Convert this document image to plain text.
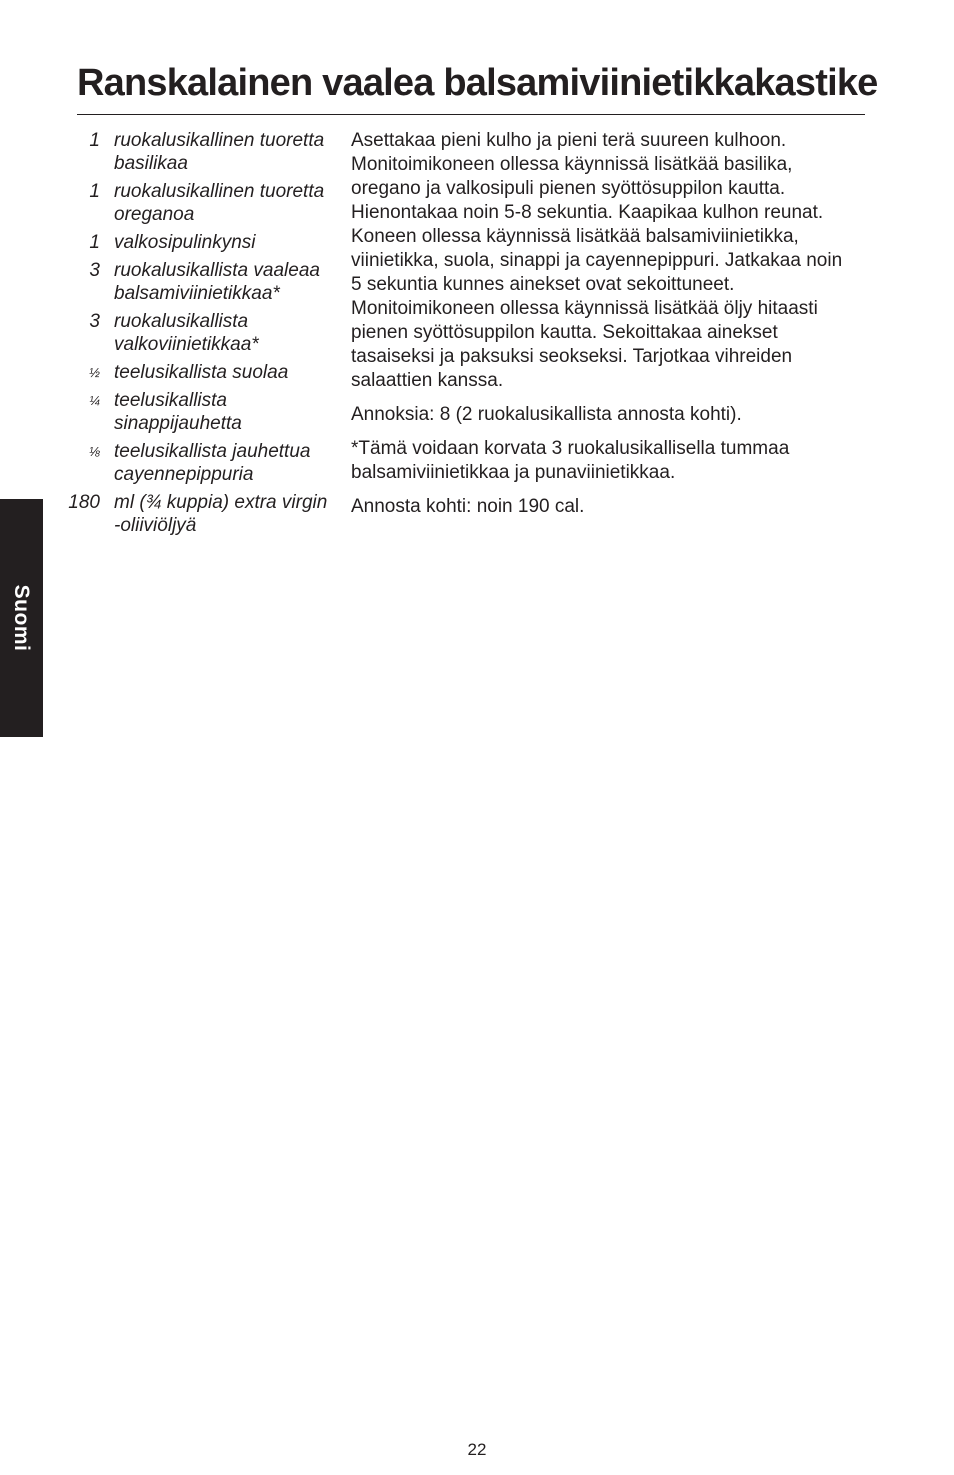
Ranskalainen vaalea balsamiviinietikkakastike
1 ruokalusikallinen tuoretta basilikaa
1 ruokalusikallinen tuoretta oreganoa
1 valkosipulinkynsi
3 ruokalusikallista vaaleaa balsamiviinietikkaa*
3 ruokalusikallista valkoviinietikkaa*
½ teelusikallista suolaa
¼ teelusikallista sinappijauhetta
⅛ teelusikallista jauhettua cayennepippuria
180 ml (¾ kuppia) extra virgin -oliiviöljyä

Asettakaa pieni kulho ja pieni terä suureen kulhoon. Monitoimikoneen ollessa käynnissä lisätkää basilika, oregano ja valkosipuli pienen syöttösuppilon kautta. Hienontakaa noin 5-8 sekuntia. Kaapikaa kulhon reunat. Koneen ollessa käynnissä lisätkää balsamiviinietikka, viinietikka, suola, sinappi ja cayennepippuri. Jatkakaa noin 5 sekuntia kunnes ainekset ovat sekoittuneet. Monitoimikoneen ollessa käynnissä lisätkää öljy hitaasti pienen syöttösuppilon kautta. Sekoittakaa ainekset tasaiseksi ja paksuksi seokseksi. Tarjotkaa vihreiden salaattien kanssa.

Annoksia: 8 (2 ruokalusikallista annosta kohti).

*Tämä voidaan korvata 3 ruokalusikallisella tummaa balsamiviinietikkaa ja punaviinietikkaa.

Annosta kohti: noin 190 cal.

Suomi
22
